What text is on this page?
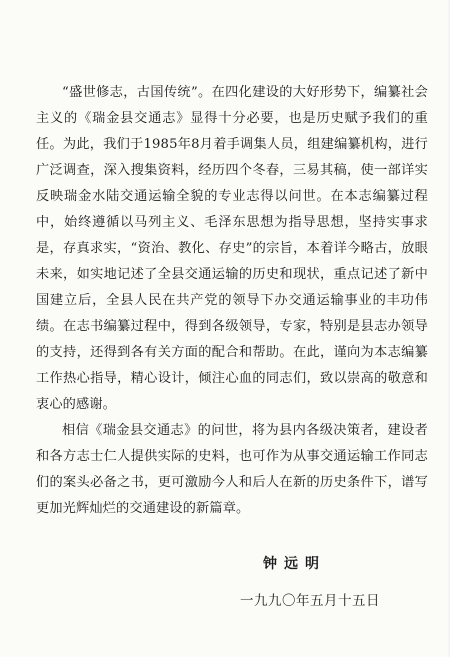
“盛世修志，古国传统”。在四化建设的大好形势下，编纂社会主义的《瑞金县交通志》显得十分必要，也是历史赋予我们的重任。为此，我们于1985年8月着手调集人员，组建编纂机构，进行广泛调查，深入搜集资料，经历四个冬春，三易其稿，使一部详实反映瑞金水陆交通运输全貌的专业志得以问世。在本志编纂过程中，始终遵循以马列主义、毛泽东思想为指导思想，坚持实事求是，存真求实，“资治、教化、存史”的宗旨，本着详今略古，放眼未来，如实地记述了全县交通运输的历史和现状，重点记述了新中国建立后，全县人民在共产党的领导下办交通运输事业的丰功伟绩。在志书编纂过程中，得到各级领导，专家，特别是县志办领导的支持，还得到各有关方面的配合和帮助。在此，谨向为本志编纂工作热心指导，精心设计，倾注心血的同志们，致以崇高的敬意和衷心的感谢。

相信《瑞金县交通志》的问世，将为县内各级决策者，建设者和各方志士仁人提供实际的史料，也可作为从事交通运输工作同志们的案头必备之书，更可激励今人和后人在新的历史条件下，谱写更加光辉灿烂的交通建设的新篇章。

钟远明

一九九〇年五月十五日
